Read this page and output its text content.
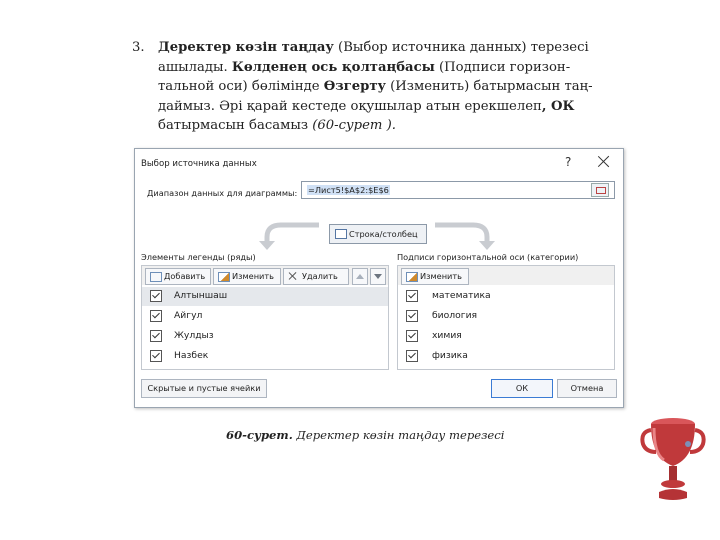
3.	Деректер көзін таңдау (Выбор источника данных) терезесі
ашылады. Көлденең ось қолтаңбасы (Подписи горизон-
тальной оси) бөлімінде Өзгерту (Изменить) батырмасын таң-
даймыз. Әрі қарай кестеде оқушылар атын ерекшелеп, ОК
батырмасын басамыз (60-сурет ).
Выбор источника данных	?
Диапазон данных для диаграммы: =Лист5!$A$2:$E$6
Строка/столбец
Элементы легенды (ряды)
Добавить	Изменить	Удалить
Алтыншаш
Айгул
Жулдыз
Назбек
Подписи горизонтальной оси (категории)
Изменить
математика
биология
химия
физика
Скрытые и пустые ячейки	ОК	Отмена
60-сурет. Деректер көзін таңдау терезесі
